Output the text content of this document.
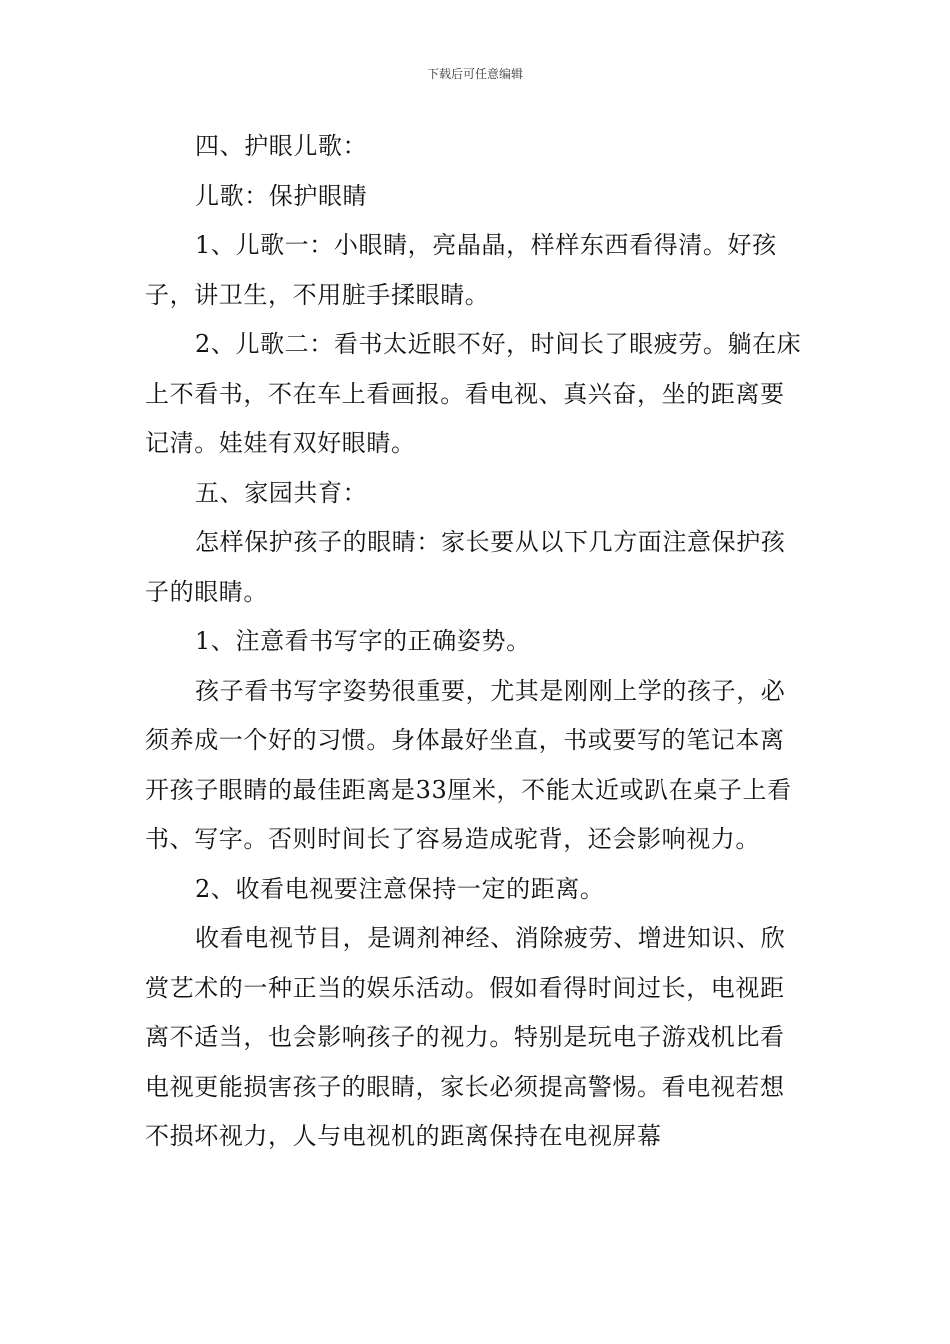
下载后可任意编辑

四、护眼儿歌：

儿歌：保护眼睛

1、儿歌一：小眼睛，亮晶晶，样样东西看得清。好孩子，讲卫生，不用脏手揉眼睛。

2、儿歌二：看书太近眼不好，时间长了眼疲劳。躺在床上不看书，不在车上看画报。看电视、真兴奋，坐的距离要记清。娃娃有双好眼睛。

五、家园共育：

怎样保护孩子的眼睛：家长要从以下几方面注意保护孩子的眼睛。

1、注意看书写字的正确姿势。

孩子看书写字姿势很重要，尤其是刚刚上学的孩子，必须养成一个好的习惯。身体最好坐直，书或要写的笔记本离开孩子眼睛的最佳距离是33厘米，不能太近或趴在桌子上看书、写字。否则时间长了容易造成驼背，还会影响视力。

2、收看电视要注意保持一定的距离。

收看电视节目，是调剂神经、消除疲劳、增进知识、欣赏艺术的一种正当的娱乐活动。假如看得时间过长，电视距离不适当，也会影响孩子的视力。特别是玩电子游戏机比看电视更能损害孩子的眼睛，家长必须提高警惕。看电视若想不损坏视力，人与电视机的距离保持在电视屏幕
